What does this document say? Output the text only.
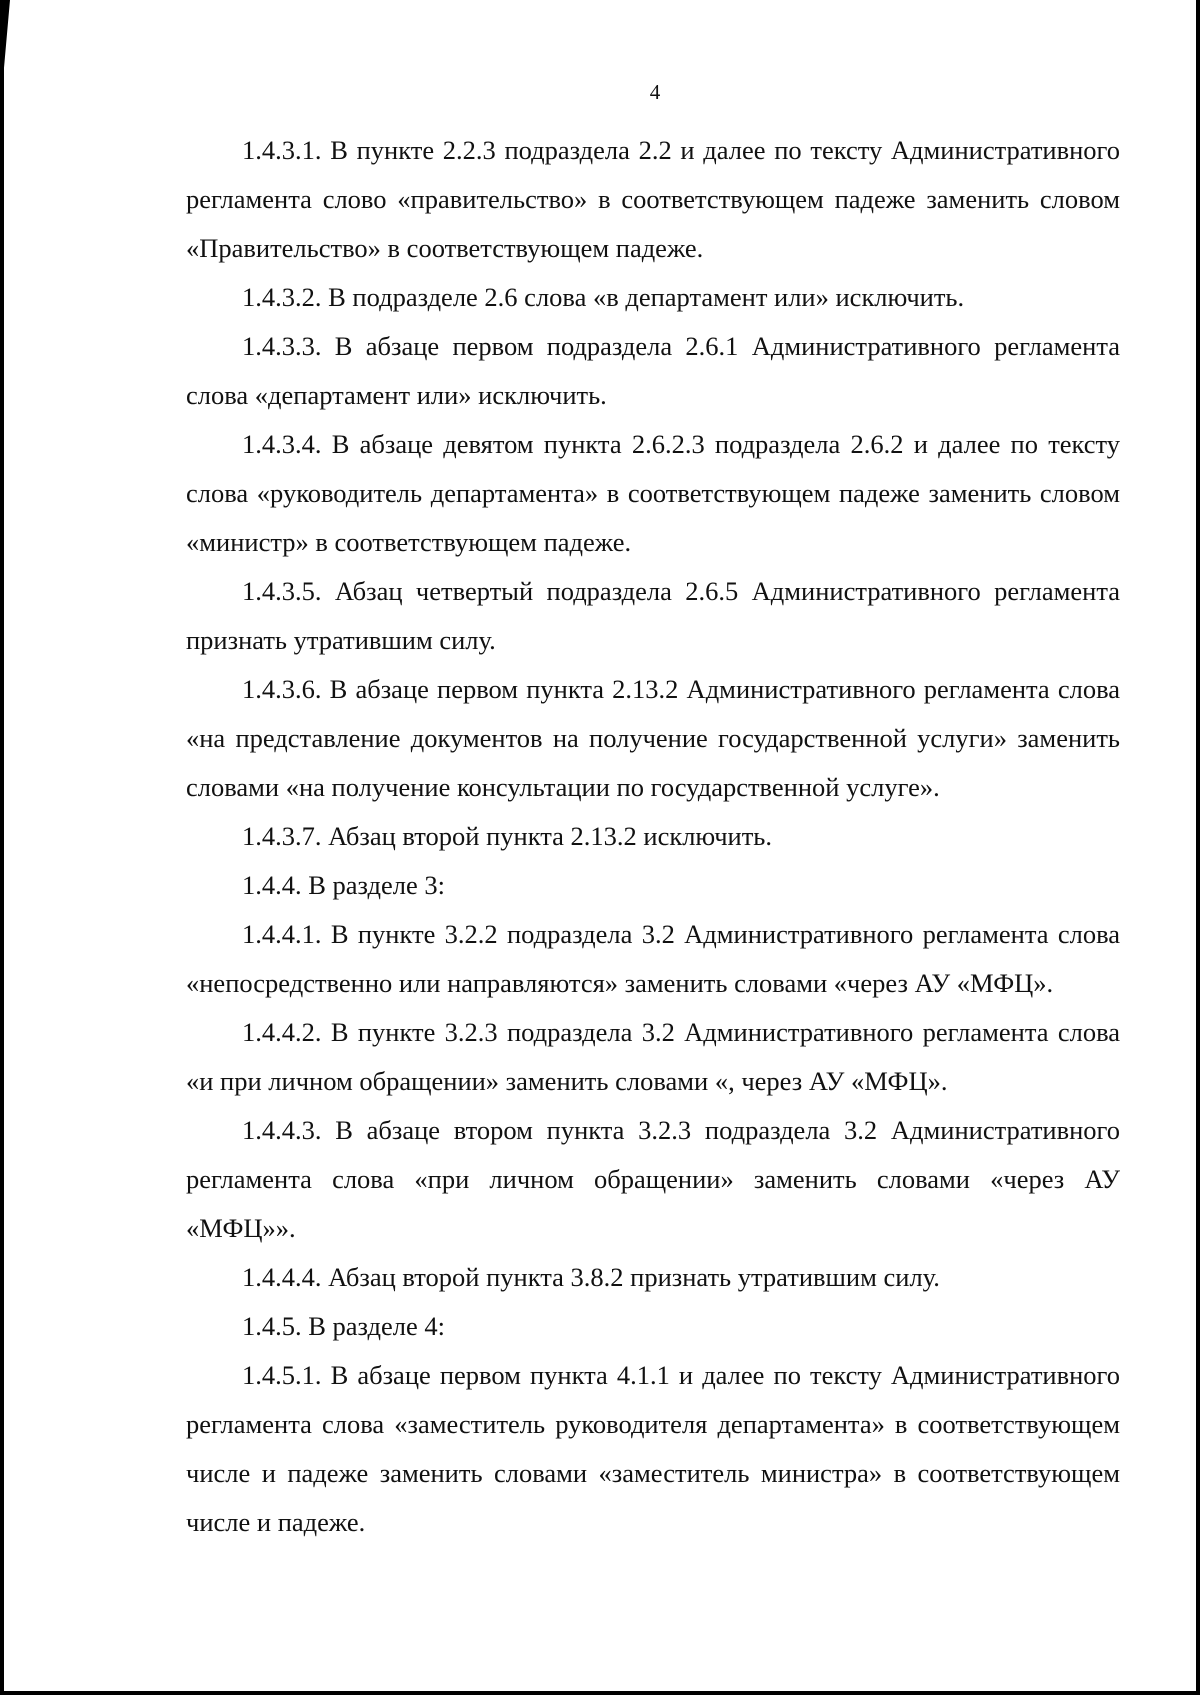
4

1.4.3.1. В пункте 2.2.3 подраздела 2.2 и далее по тексту Административного регламента слово «правительство» в соответствующем падеже заменить словом «Правительство» в соответствующем падеже.

1.4.3.2. В подразделе 2.6 слова «в департамент или» исключить.

1.4.3.3. В абзаце первом подраздела 2.6.1 Административного регламента слова «департамент или» исключить.

1.4.3.4. В абзаце девятом пункта 2.6.2.3 подраздела 2.6.2 и далее по тексту слова «руководитель департамента» в соответствующем падеже заменить словом «министр» в соответствующем падеже.

1.4.3.5. Абзац четвертый подраздела 2.6.5 Административного регламента признать утратившим силу.

1.4.3.6. В абзаце первом пункта 2.13.2 Административного регламента слова «на представление документов на получение государственной услуги» заменить словами «на получение консультации по государственной услуге».

1.4.3.7. Абзац второй пункта 2.13.2 исключить.

1.4.4. В разделе 3:

1.4.4.1. В пункте 3.2.2 подраздела 3.2 Административного регламента слова «непосредственно или направляются» заменить словами «через АУ «МФЦ».

1.4.4.2. В пункте 3.2.3 подраздела 3.2 Административного регламента слова «и при личном обращении» заменить словами «, через АУ «МФЦ».

1.4.4.3. В абзаце втором пункта 3.2.3 подраздела 3.2 Административного регламента слова «при личном обращении» заменить словами «через АУ «МФЦ»».

1.4.4.4. Абзац второй пункта 3.8.2 признать утратившим силу.

1.4.5. В разделе 4:

1.4.5.1. В абзаце первом пункта 4.1.1 и далее по тексту Административного регламента слова «заместитель руководителя департамента» в соответствующем числе и падеже заменить словами «заместитель министра» в соответствующем числе и падеже.
